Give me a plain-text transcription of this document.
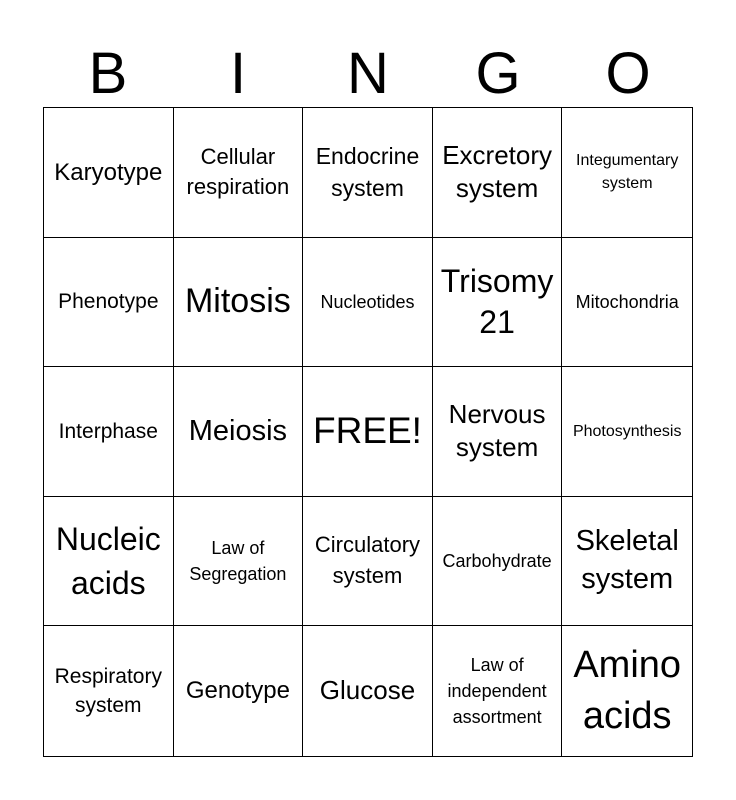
B	I	N	G	O
Karyotype
Cellular respiration
Endocrine system
Excretory system
Integumentary system
Phenotype Mitosis Nucleotides
Trisomy 21
Mitochondria
Interphase Meiosis FREE!	Nervous system
Photosynthesis
Nucleic acids
Law of Segregation
Circulatory system
Carbohydrate
Skeletal system
Respiratory system
Genotype Glucose
Law of independent assortment
Amino acids
